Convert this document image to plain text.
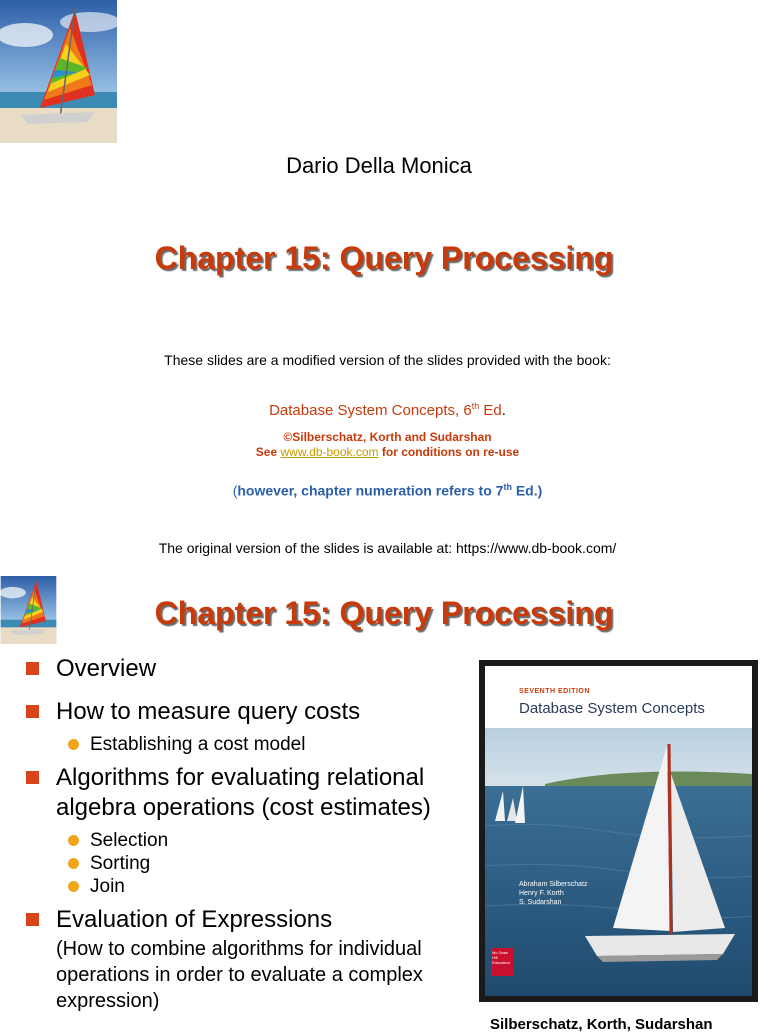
Dario Della Monica
Chapter 15: Query Processing
These slides are a modified version of the slides provided with the book:
Database System Concepts, 6th Ed.
©Silberschatz, Korth and Sudarshan
See www.db-book.com for conditions on re-use
(however, chapter numeration refers to 7th Ed.)
The original version of the slides is available at: https://www.db-book.com/
Chapter 15: Query Processing
Overview
How to measure query costs
Establishing a cost model
Algorithms for evaluating relational algebra operations (cost estimates)
Selection
Sorting
Join
Evaluation of Expressions
(How to combine algorithms for individual operations in order to evaluate a complex expression)
SEVENTH EDITION
Database System Concepts
Abraham Silberschatz
Henry F. Korth
S. Sudarshan
Mc Graw Hill Education
Silberschatz, Korth, Sudarshan
